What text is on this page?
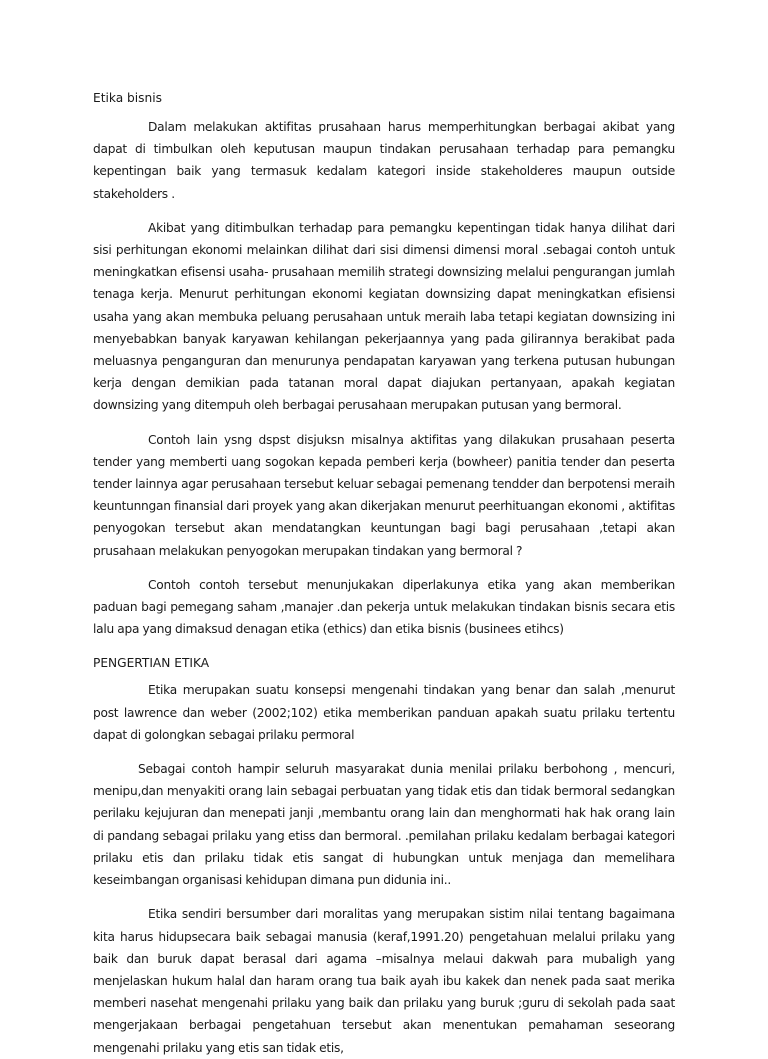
Etika bisnis

Dalam melakukan aktifitas prusahaan harus memperhitungkan berbagai akibat yang dapat di timbulkan oleh keputusan maupun tindakan perusahaan terhadap para pemangku kepentingan baik yang termasuk kedalam kategori inside stakeholderes maupun outside stakeholders .

Akibat yang ditimbulkan terhadap para pemangku kepentingan tidak hanya dilihat dari sisi perhitungan ekonomi melainkan dilihat dari sisi dimensi dimensi moral .sebagai contoh untuk meningkatkan efisensi usaha- prusahaan memilih strategi downsizing melalui pengurangan jumlah tenaga kerja. Menurut perhitungan ekonomi kegiatan downsizing dapat meningkatkan efisiensi usaha yang akan membuka peluang perusahaan untuk meraih laba tetapi kegiatan downsizing ini menyebabkan banyak karyawan kehilangan pekerjaannya yang pada gilirannya berakibat pada meluasnya penganguran dan menurunya pendapatan karyawan yang terkena putusan hubungan kerja dengan demikian pada tatanan moral dapat diajukan pertanyaan, apakah kegiatan downsizing yang ditempuh oleh berbagai perusahaan merupakan putusan yang bermoral.

Contoh lain ysng dspst disjuksn misalnya aktifitas yang dilakukan prusahaan peserta tender yang memberti uang sogokan kepada pemberi kerja (bowheer) panitia tender dan peserta tender lainnya agar perusahaan tersebut keluar sebagai pemenang tendder dan berpotensi meraih keuntunngan finansial dari proyek yang akan dikerjakan menurut peerhituangan ekonomi , aktifitas penyogokan tersebut akan mendatangkan keuntungan bagi bagi perusahaan ,tetapi akan prusahaan melakukan penyogokan merupakan tindakan yang bermoral ?

Contoh contoh tersebut menunjukakan diperlakunya etika yang akan memberikan paduan bagi pemegang saham ,manajer .dan pekerja untuk melakukan tindakan bisnis secara etis lalu apa yang dimaksud denagan etika (ethics) dan etika bisnis (businees etihcs)

PENGERTIAN ETIKA

Etika merupakan suatu konsepsi mengenahi tindakan yang benar dan salah ,menurut post lawrence dan weber (2002;102) etika memberikan panduan apakah suatu prilaku tertentu dapat di golongkan sebagai prilaku permoral

Sebagai contoh hampir seluruh masyarakat dunia menilai prilaku berbohong , mencuri, menipu,dan menyakiti orang lain sebagai perbuatan yang tidak etis dan tidak bermoral sedangkan perilaku kejujuran dan menepati janji ,membantu orang lain dan menghormati hak hak orang lain di pandang sebagai prilaku yang etiss dan bermoral. .pemilahan prilaku kedalam berbagai kategori prilaku etis dan prilaku tidak etis sangat di hubungkan untuk menjaga dan memelihara keseimbangan organisasi kehidupan dimana pun didunia ini..

Etika sendiri bersumber dari moralitas yang merupakan sistim nilai tentang bagaimana kita harus hidupsecara baik sebagai manusia (keraf,1991.20) pengetahuan melalui prilaku yang baik dan buruk dapat berasal dari agama –misalnya melaui dakwah para mubaligh yang menjelaskan hukum halal dan haram orang tua baik ayah ibu kakek dan nenek pada saat merika memberi nasehat mengenahi prilaku yang baik dan prilaku yang buruk ;guru di sekolah pada saat mengerjakaan berbagai pengetahuan tersebut akan menentukan pemahaman seseorang mengenahi prilaku yang etis san tidak etis,
